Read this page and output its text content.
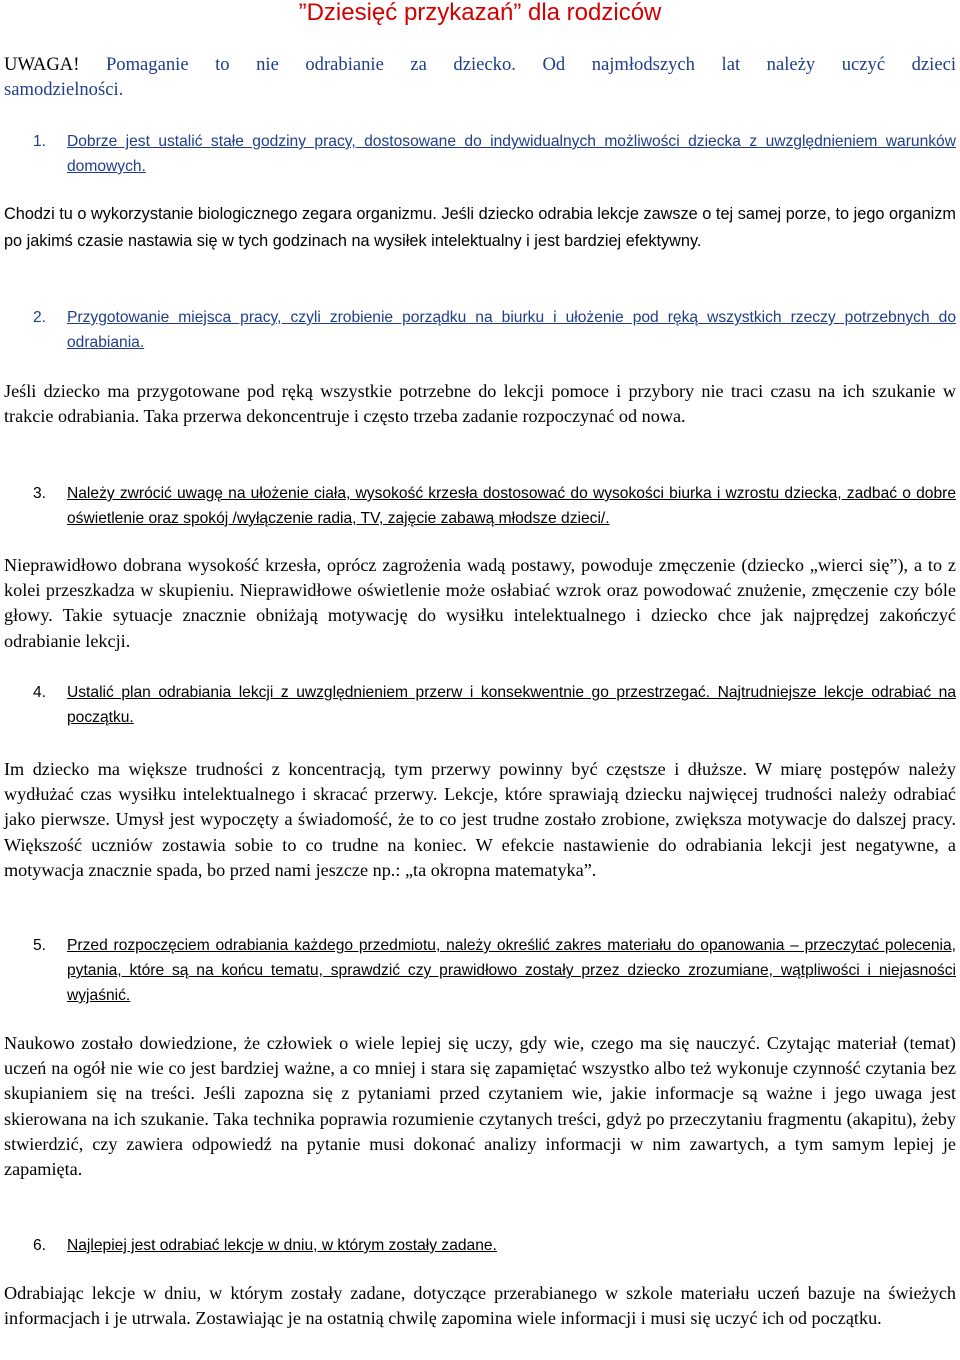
”Dziesięć przykazań” dla rodziców
UWAGA! Pomaganie to nie odrabianie za dziecko. Od najmłodszych lat należy uczyć dzieci
samodzielności.
1.	Dobrze jest ustalić stałe godziny pracy, dostosowane do indywidualnych możliwości dziecka z uwzględnieniem warunków domowych.
Chodzi tu o wykorzystanie biologicznego zegara organizmu. Jeśli dziecko odrabia lekcje zawsze o tej samej porze, to jego organizm po jakimś czasie nastawia się w tych godzinach na wysiłek intelektualny i jest bardziej efektywny.
2.	Przygotowanie miejsca pracy, czyli zrobienie porządku na biurku i ułożenie pod ręką wszystkich rzeczy potrzebnych do odrabiania.
Jeśli dziecko ma przygotowane pod ręką wszystkie potrzebne do lekcji pomoce i przybory nie traci czasu na ich szukanie w trakcie odrabiania. Taka przerwa dekoncentruje i często trzeba zadanie rozpoczynać od nowa.
3.	Należy zwrócić uwagę na ułożenie ciała, wysokość krzesła dostosować do wysokości biurka i wzrostu dziecka, zadbać o dobre oświetlenie oraz spokój /wyłączenie radia, TV, zajęcie zabawą młodsze dzieci/.
Nieprawidłowo dobrana wysokość krzesła, oprócz zagrożenia wadą postawy, powoduje zmęczenie (dziecko „wierci się”), a to z kolei przeszkadza w skupieniu. Nieprawidłowe oświetlenie może osłabiać wzrok oraz powodować znużenie, zmęczenie czy bóle głowy. Takie sytuacje znacznie obniżają motywację do wysiłku intelektualnego i dziecko chce jak najprędzej zakończyć odrabianie lekcji.
4.	Ustalić plan odrabiania lekcji z uwzględnieniem przerw i konsekwentnie go przestrzegać. Najtrudniejsze lekcje odrabiać na początku.
Im dziecko ma większe trudności z koncentracją, tym przerwy powinny być częstsze i dłuższe. W miarę postępów należy wydłużać czas wysiłku intelektualnego i skracać przerwy. Lekcje, które sprawiają dziecku najwięcej trudności należy odrabiać jako pierwsze. Umysł jest wypoczęty a świadomość, że to co jest trudne zostało zrobione, zwiększa motywacje do dalszej pracy. Większość uczniów zostawia sobie to co trudne na koniec. W efekcie nastawienie do odrabiania lekcji jest negatywne, a motywacja znacznie spada, bo przed nami jeszcze np.: „ta okropna matematyka”.
5.	Przed rozpoczęciem odrabiania każdego przedmiotu, należy określić zakres materiału do opanowania – przeczytać polecenia, pytania, które są na końcu tematu, sprawdzić czy prawidłowo zostały przez dziecko zrozumiane, wątpliwości i niejasności wyjaśnić.
Naukowo zostało dowiedzione, że człowiek o wiele lepiej się uczy, gdy wie, czego ma się nauczyć. Czytając materiał (temat) uczeń na ogół nie wie co jest bardziej ważne, a co mniej i stara się zapamiętać wszystko albo też wykonuje czynność czytania bez skupianiem się na treści. Jeśli zapozna się z pytaniami przed czytaniem wie, jakie informacje są ważne i jego uwaga jest skierowana na ich szukanie. Taka technika poprawia rozumienie czytanych treści, gdyż po przeczytaniu fragmentu (akapitu), żeby stwierdzić, czy zawiera odpowiedź na pytanie musi dokonać analizy informacji w nim zawartych, a tym samym lepiej je zapamięta.
6.	Najlepiej jest odrabiać lekcje w dniu, w którym zostały zadane.
Odrabiając lekcje w dniu, w którym zostały zadane, dotyczące przerabianego w szkole materiału uczeń bazuje na świeżych informacjach i je utrwala. Zostawiając je na ostatnią chwilę zapomina wiele informacji i musi się uczyć ich od początku.
